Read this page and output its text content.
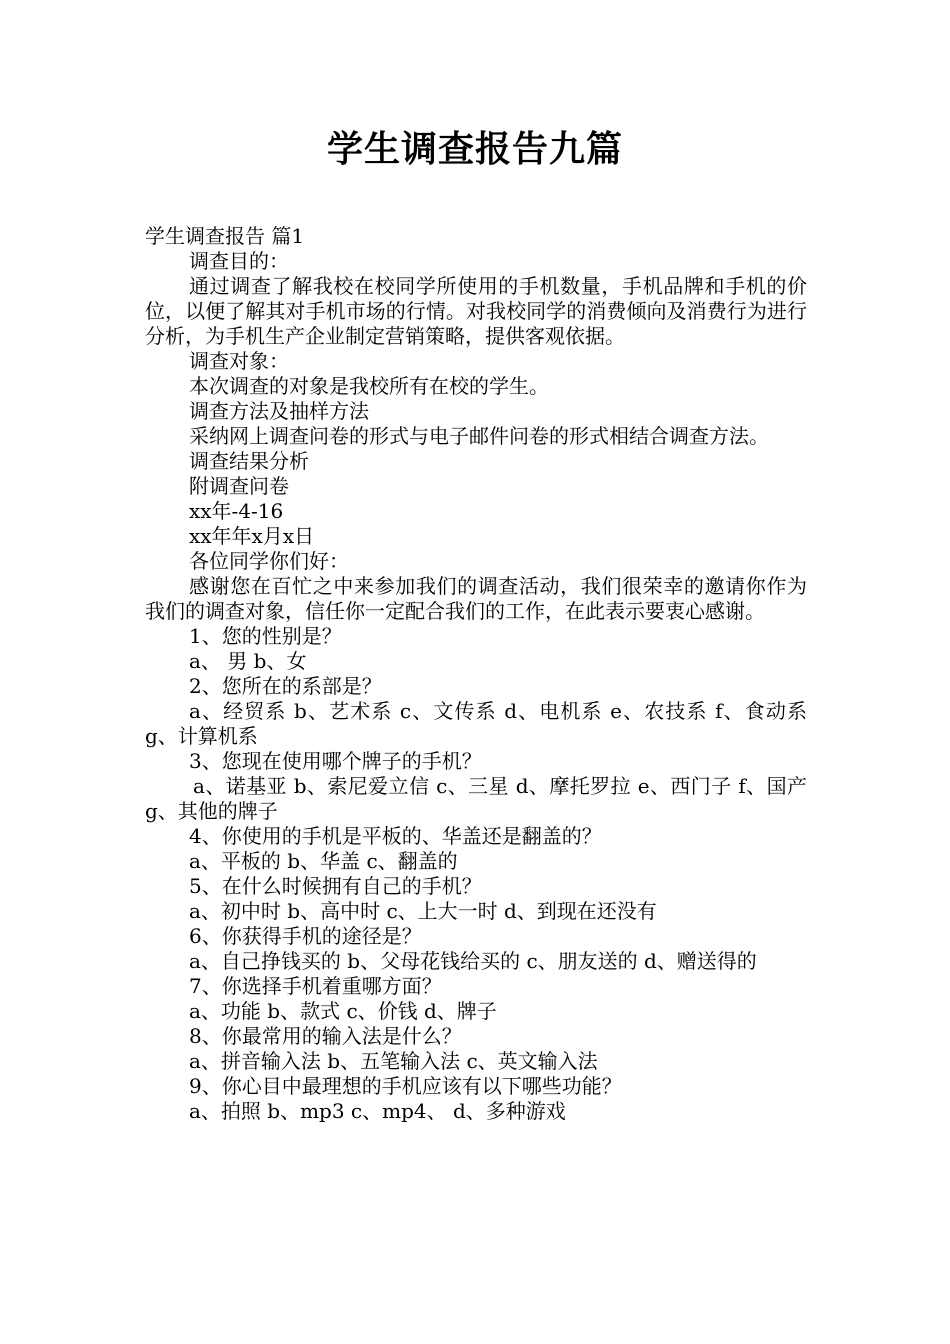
学生调查报告九篇

学生调查报告 篇1

调查目的：

通过调查了解我校在校同学所使用的手机数量，手机品牌和手机的价位，以便了解其对手机市场的行情。对我校同学的消费倾向及消费行为进行分析，为手机生产企业制定营销策略，提供客观依据。

调查对象：

本次调查的对象是我校所有在校的学生。

调查方法及抽样方法

采纳网上调查问卷的形式与电子邮件问卷的形式相结合调查方法。

调查结果分析

附调查问卷

xx年-4-16

xx年年x月x日

各位同学你们好：

感谢您在百忙之中来参加我们的调查活动，我们很荣幸的邀请你作为我们的调查对象，信任你一定配合我们的工作，在此表示要衷心感谢。

1、您的性别是？

a、 男 b、女

2、您所在的系部是？

a、经贸系 b、艺术系 c、文传系 d、电机系 e、农技系 f、食动系 g、计算机系

3、您现在使用哪个牌子的手机？

a、诺基亚 b、索尼爱立信 c、三星 d、摩托罗拉 e、西门子 f、国产 g、其他的牌子

4、你使用的手机是平板的、华盖还是翻盖的？

a、平板的 b、华盖 c、翻盖的

5、在什么时候拥有自己的手机？

a、初中时 b、高中时 c、上大一时 d、到现在还没有

6、你获得手机的途径是？

a、自己挣钱买的 b、父母花钱给买的 c、朋友送的 d、赠送得的

7、你选择手机着重哪方面？

a、功能 b、款式 c、价钱 d、牌子

8、你最常用的输入法是什么？

a、拼音输入法 b、五笔输入法 c、英文输入法

9、你心目中最理想的手机应该有以下哪些功能？

a、拍照 b、mp3 c、mp4、 d、多种游戏
